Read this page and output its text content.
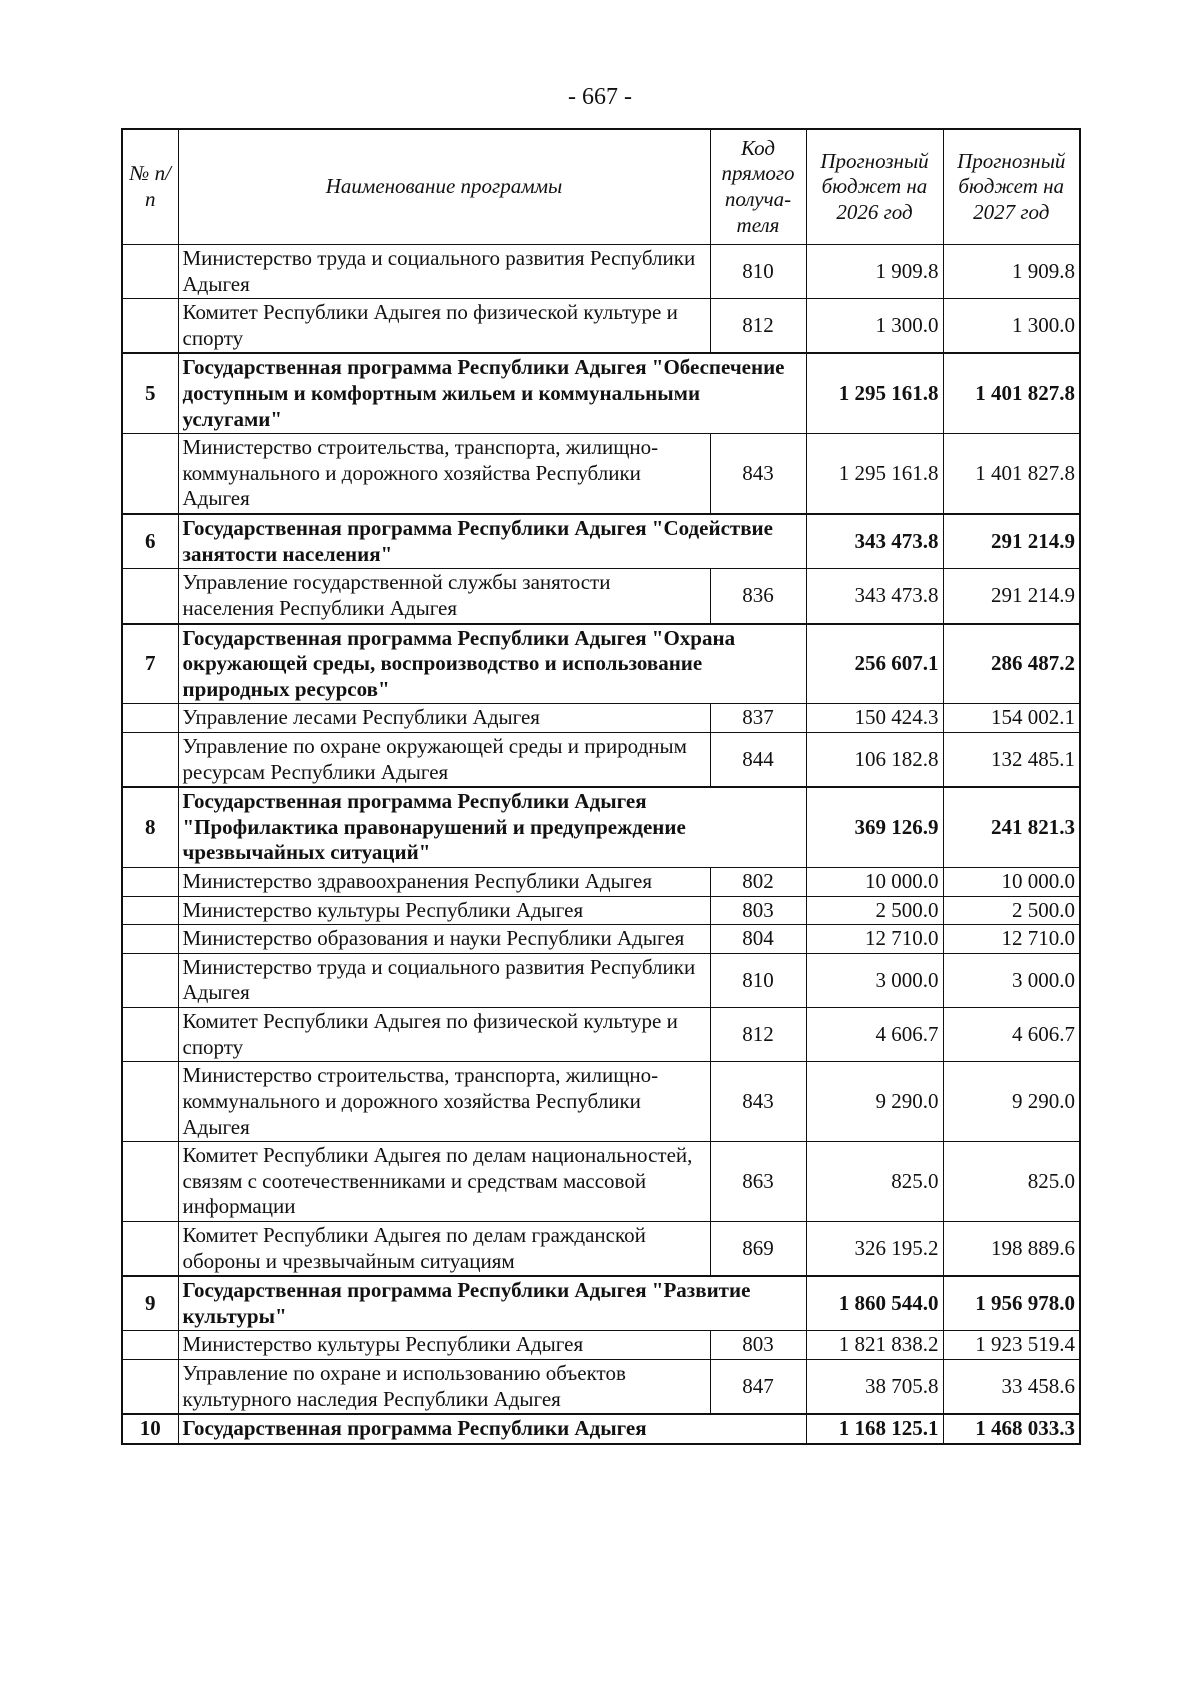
- 667 -
№ п/п	Наименование программы	Код прямого получа-теля	Прогнозный бюджет на 2026 год	Прогнозный бюджет на 2027 год
	Министерство труда и социального развития Республики Адыгея	810	1 909.8	1 909.8
	Комитет Республики Адыгея по физической культуре и спорту	812	1 300.0	1 300.0
5	Государственная программа Республики Адыгея "Обеспечение доступным и комфортным жильем и коммунальными услугами"		1 295 161.8	1 401 827.8
	Министерство строительства, транспорта, жилищно-коммунального и дорожного хозяйства Республики Адыгея	843	1 295 161.8	1 401 827.8
6	Государственная программа Республики Адыгея "Содействие занятости населения"		343 473.8	291 214.9
	Управление государственной службы занятости населения Республики Адыгея	836	343 473.8	291 214.9
7	Государственная программа Республики Адыгея "Охрана окружающей среды, воспроизводство и использование природных ресурсов"		256 607.1	286 487.2
	Управление лесами Республики Адыгея	837	150 424.3	154 002.1
	Управление по охране окружающей среды и природным ресурсам Республики Адыгея	844	106 182.8	132 485.1
8	Государственная программа Республики Адыгея "Профилактика правонарушений и предупреждение чрезвычайных ситуаций"		369 126.9	241 821.3
	Министерство здравоохранения Республики Адыгея	802	10 000.0	10 000.0
	Министерство культуры Республики Адыгея	803	2 500.0	2 500.0
	Министерство образования и науки Республики Адыгея	804	12 710.0	12 710.0
	Министерство труда и социального развития Республики Адыгея	810	3 000.0	3 000.0
	Комитет Республики Адыгея по физической культуре и спорту	812	4 606.7	4 606.7
	Министерство строительства, транспорта, жилищно-коммунального и дорожного хозяйства Республики Адыгея	843	9 290.0	9 290.0
	Комитет Республики Адыгея по делам национальностей, связям с соотечественниками и средствам массовой информации	863	825.0	825.0
	Комитет Республики Адыгея по делам гражданской обороны и чрезвычайным ситуациям	869	326 195.2	198 889.6
9	Государственная программа Республики Адыгея "Развитие культуры"		1 860 544.0	1 956 978.0
	Министерство культуры Республики Адыгея	803	1 821 838.2	1 923 519.4
	Управление по охране и использованию объектов культурного наследия Республики Адыгея	847	38 705.8	33 458.6
10	Государственная программа Республики Адыгея		1 168 125.1	1 468 033.3
